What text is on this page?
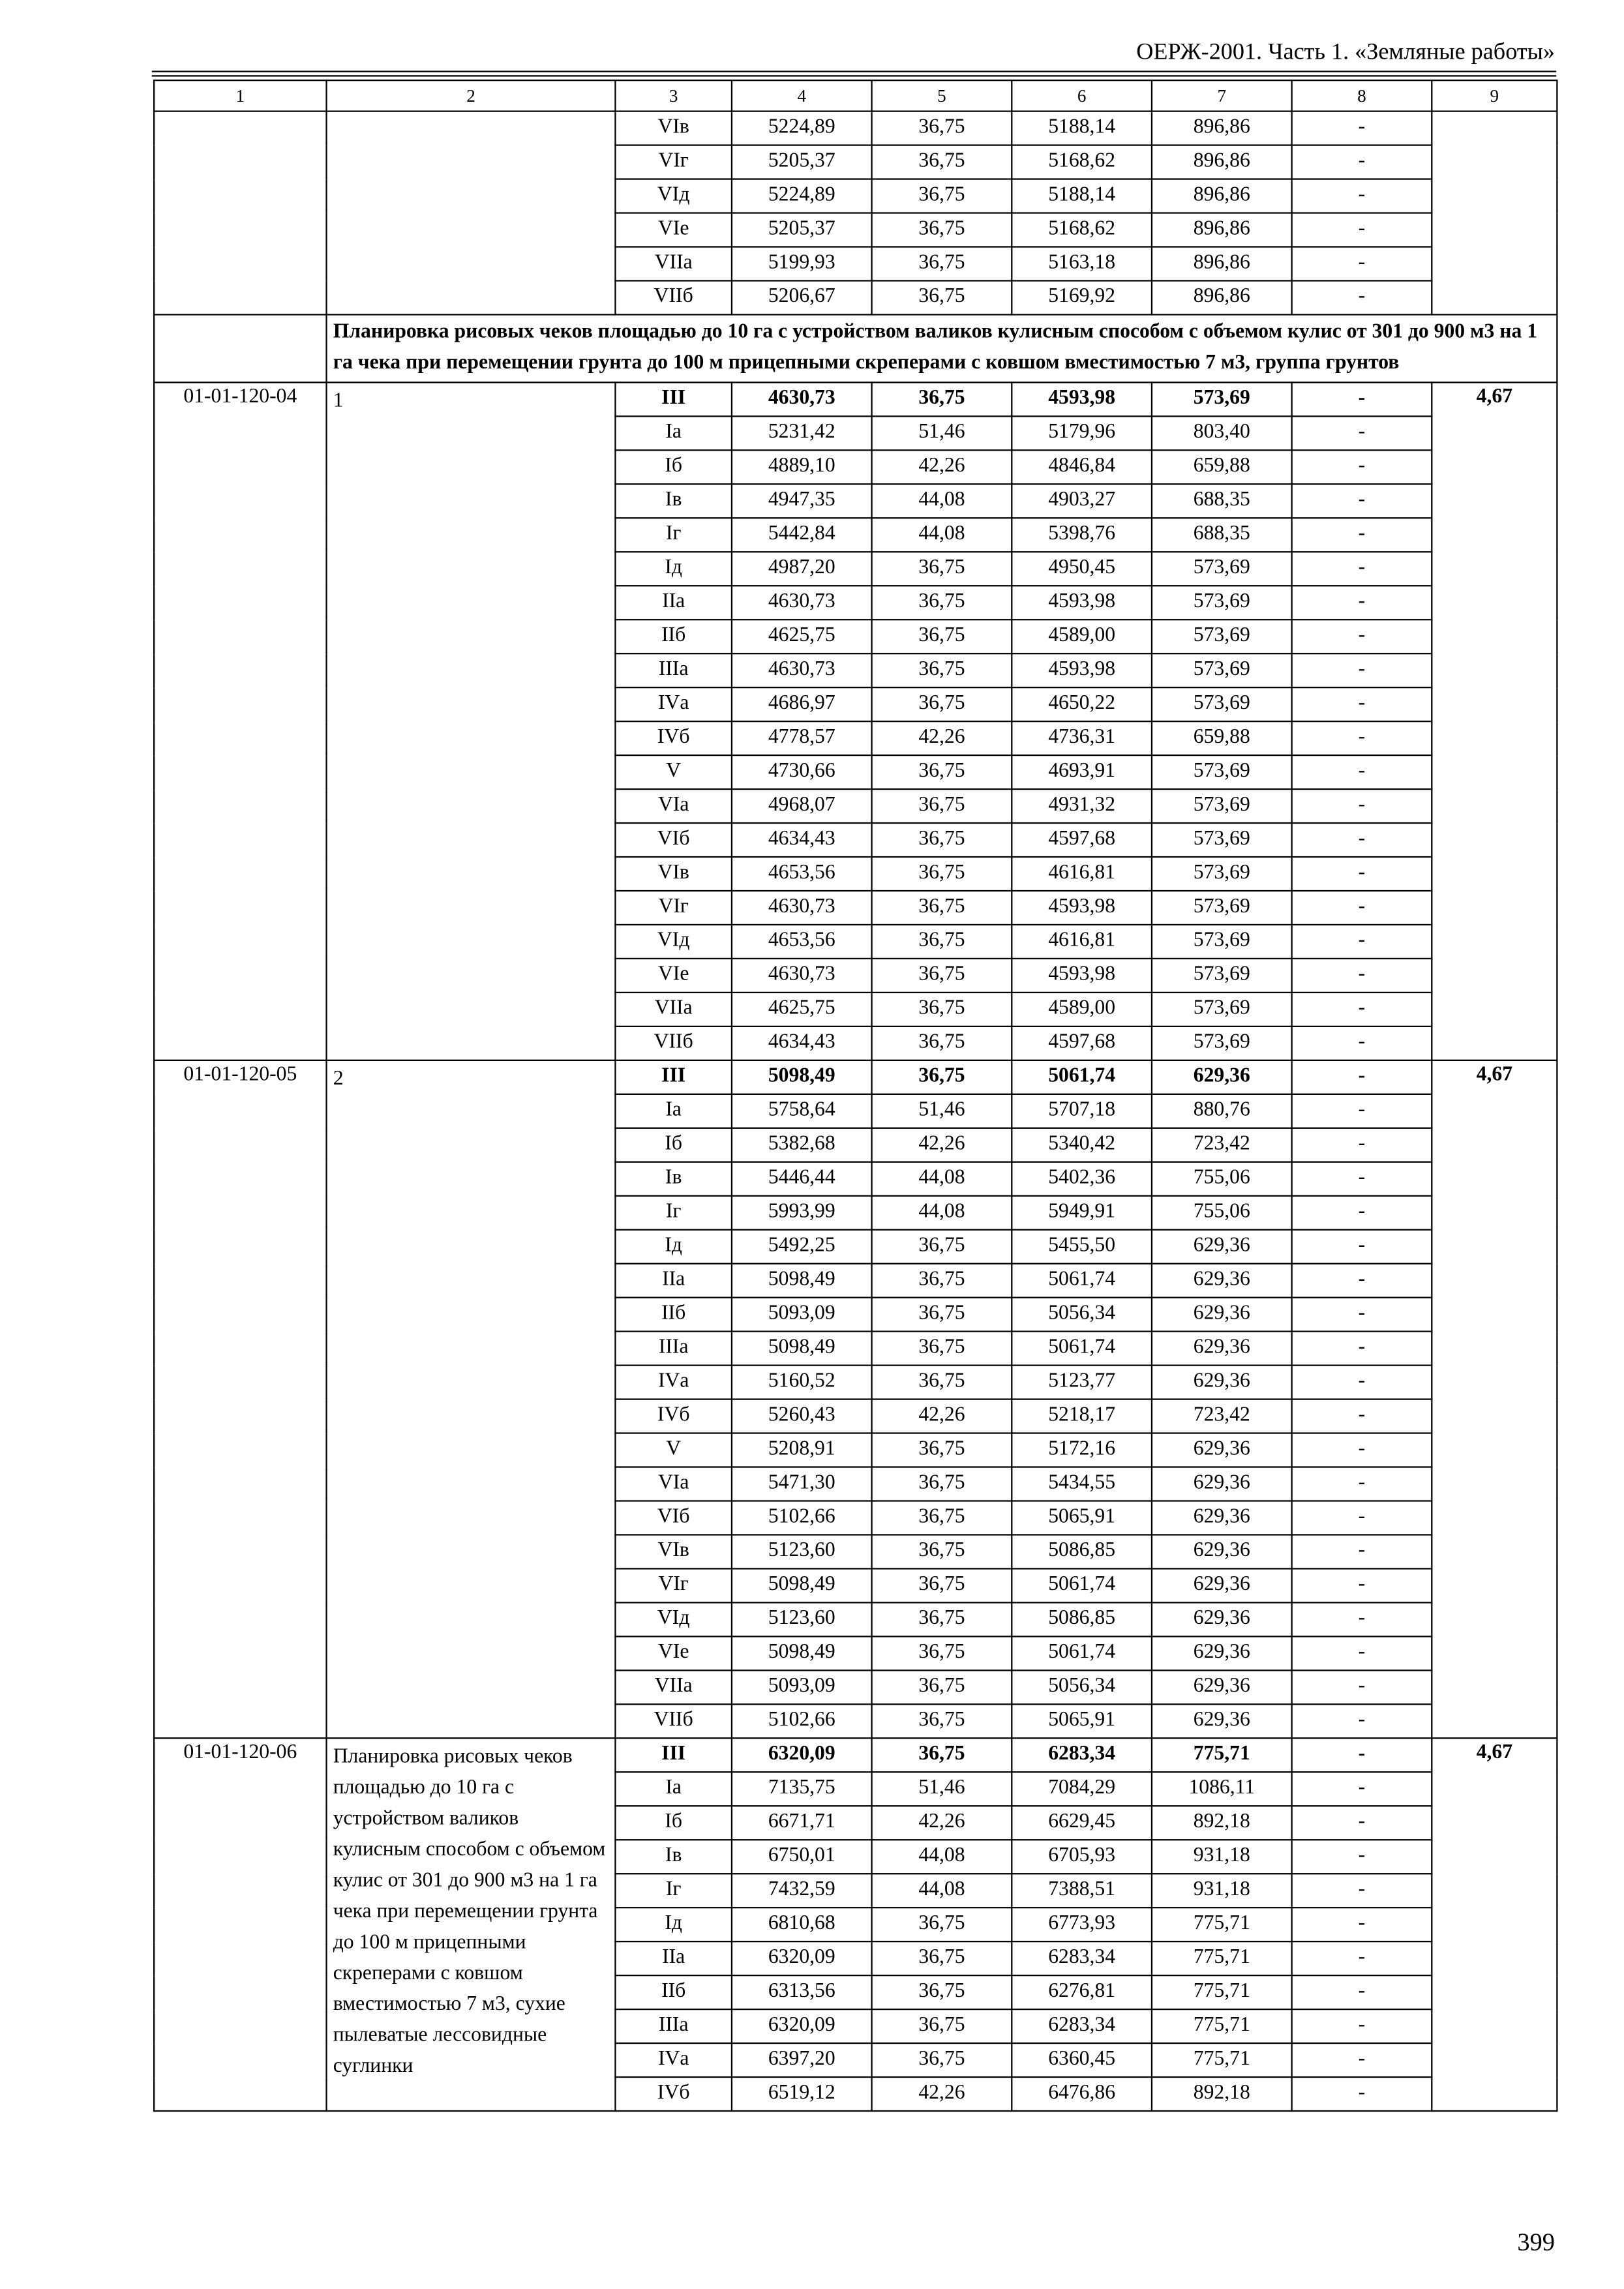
ОЕРЖ-2001. Часть 1. «Земляные работы»
1	2	3	4	5	6	7	8	9
		VIв	5224,89	36,75	5188,14	896,86	-	
		VIг	5205,37	36,75	5168,62	896,86	-	
		VIд	5224,89	36,75	5188,14	896,86	-	
		VIе	5205,37	36,75	5168,62	896,86	-	
		VIIа	5199,93	36,75	5163,18	896,86	-	
		VIIб	5206,67	36,75	5169,92	896,86	-	
	Планировка рисовых чеков площадью до 10 га с устройством валиков кулисным способом с объемом кулис от 301 до 900 м3 на 1 га чека при перемещении грунта до 100 м прицепными скреперами с ковшом вместимостью 7 м3, группа грунтов							
01-01-120-04	1	III	4630,73	36,75	4593,98	573,69	-	4,67
		Iа	5231,42	51,46	5179,96	803,40	-	
		Iб	4889,10	42,26	4846,84	659,88	-	
		Iв	4947,35	44,08	4903,27	688,35	-	
		Iг	5442,84	44,08	5398,76	688,35	-	
		Iд	4987,20	36,75	4950,45	573,69	-	
		IIа	4630,73	36,75	4593,98	573,69	-	
		IIб	4625,75	36,75	4589,00	573,69	-	
		IIIа	4630,73	36,75	4593,98	573,69	-	
		IVа	4686,97	36,75	4650,22	573,69	-	
		IVб	4778,57	42,26	4736,31	659,88	-	
		V	4730,66	36,75	4693,91	573,69	-	
		VIа	4968,07	36,75	4931,32	573,69	-	
		VIб	4634,43	36,75	4597,68	573,69	-	
		VIв	4653,56	36,75	4616,81	573,69	-	
		VIг	4630,73	36,75	4593,98	573,69	-	
		VIд	4653,56	36,75	4616,81	573,69	-	
		VIе	4630,73	36,75	4593,98	573,69	-	
		VIIа	4625,75	36,75	4589,00	573,69	-	
		VIIб	4634,43	36,75	4597,68	573,69	-	
01-01-120-05	2	III	5098,49	36,75	5061,74	629,36	-	4,67
		Iа	5758,64	51,46	5707,18	880,76	-	
		Iб	5382,68	42,26	5340,42	723,42	-	
		Iв	5446,44	44,08	5402,36	755,06	-	
		Iг	5993,99	44,08	5949,91	755,06	-	
		Iд	5492,25	36,75	5455,50	629,36	-	
		IIа	5098,49	36,75	5061,74	629,36	-	
		IIб	5093,09	36,75	5056,34	629,36	-	
		IIIа	5098,49	36,75	5061,74	629,36	-	
		IVа	5160,52	36,75	5123,77	629,36	-	
		IVб	5260,43	42,26	5218,17	723,42	-	
		V	5208,91	36,75	5172,16	629,36	-	
		VIа	5471,30	36,75	5434,55	629,36	-	
		VIб	5102,66	36,75	5065,91	629,36	-	
		VIв	5123,60	36,75	5086,85	629,36	-	
		VIг	5098,49	36,75	5061,74	629,36	-	
		VIд	5123,60	36,75	5086,85	629,36	-	
		VIе	5098,49	36,75	5061,74	629,36	-	
		VIIа	5093,09	36,75	5056,34	629,36	-	
		VIIб	5102,66	36,75	5065,91	629,36	-	
01-01-120-06	Планировка рисовых чеков площадью до 10 га с устройством валиков кулисным способом с объемом кулис от 301 до 900 м3 на 1 га чека при перемещении грунта до 100 м прицепными скреперами с ковшом вместимостью 7 м3, сухие пылеватые лессовидные суглинки	III	6320,09	36,75	6283,34	775,71	-	4,67
		Iа	7135,75	51,46	7084,29	1086,11	-	
		Iб	6671,71	42,26	6629,45	892,18	-	
		Iв	6750,01	44,08	6705,93	931,18	-	
		Iг	7432,59	44,08	7388,51	931,18	-	
		Iд	6810,68	36,75	6773,93	775,71	-	
		IIа	6320,09	36,75	6283,34	775,71	-	
		IIб	6313,56	36,75	6276,81	775,71	-	
		IIIа	6320,09	36,75	6283,34	775,71	-	
		IVа	6397,20	36,75	6360,45	775,71	-	
		IVб	6519,12	42,26	6476,86	892,18	-	
399
